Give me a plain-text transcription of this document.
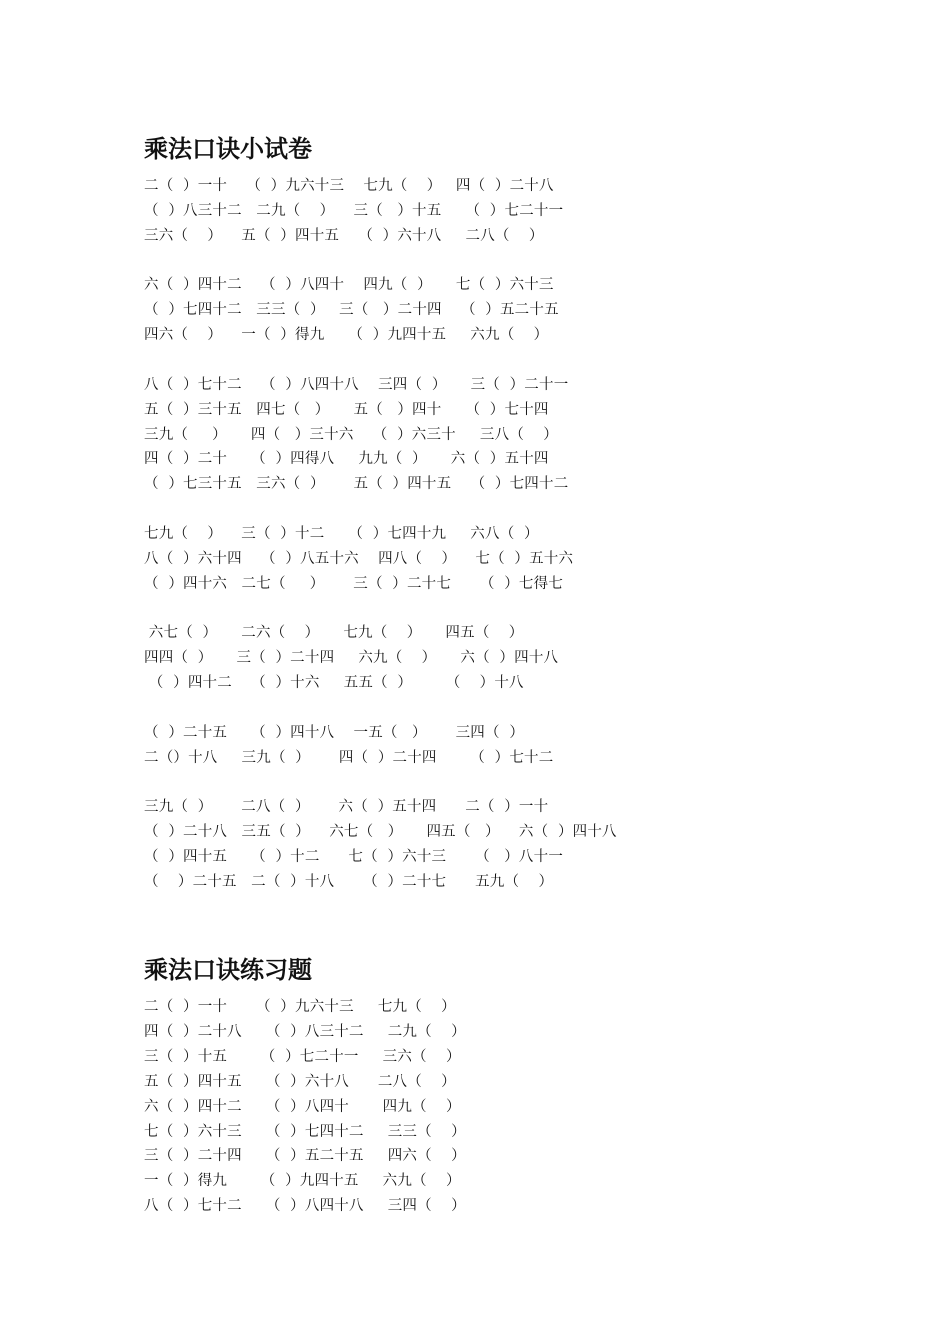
乘法口诀小试卷
二（  ）一十    （  ）九六十三    七九（    ）   四（  ）二十八
（  ）八三十二   二九（    ）    三（   ）十五     （  ）七二十一
三六（    ）    五（  ）四十五    （  ）六十八     二八（    ）
六（  ）四十二    （  ）八四十    四九（  ）     七（  ）六十三
（  ）七四十二   三三（  ）   三（   ）二十四    （  ）五二十五
四六（    ）    一（  ）得九     （  ）九四十五     六九（    ）
八（  ）七十二    （  ）八四十八    三四（  ）     三（  ）二十一
五（  ）三十五   四七（   ）     五（   ）四十     （  ）七十四
三九（     ）     四（   ）三十六    （  ）六三十     三八（    ）
四（  ）二十     （  ）四得八     九九（  ）     六（  ）五十四
（  ）七三十五   三六（  ）      五（  ）四十五    （  ）七四十二
七九（    ）    三（  ）十二     （  ）七四十九     六八（  ）
八（  ）六十四    （  ）八五十六    四八（    ）    七（  ）五十六
（  ）四十六   二七（     ）      三（  ）二十七      （  ）七得七
六七（  ）     二六（    ）     七九（    ）     四五（    ）
四四（  ）     三（  ）二十四     六九（    ）     六（  ）四十八
（  ）四十二    （  ）十六     五五（  ）       （    ）十八
（  ）二十五     （  ）四十八    一五（   ）      三四（  ）
二（）十八     三九（  ）      四（  ）二十四       （  ）七十二
三九（  ）      二八（  ）      六（  ）五十四      二（  ）一十
（  ）二十八   三五（  ）    六七（   ）     四五（   ）    六（  ）四十八
（  ）四十五     （  ）十二      七（  ）六十三      （   ）八十一
（    ）二十五   二（  ）十八      （  ）二十七      五九（    ）
乘法口诀练习题
二（  ）一十      （  ）九六十三     七九（    ）
四（  ）二十八     （  ）八三十二     二九（    ）
三（  ）十五       （  ）七二十一     三六（    ）
五（  ）四十五     （  ）六十八      二八（    ）
六（  ）四十二     （  ）八四十       四九（    ）
七（  ）六十三     （  ）七四十二     三三（    ）
三（  ）二十四     （  ）五二十五     四六（    ）
一（  ）得九       （  ）九四十五     六九（    ）
八（  ）七十二     （  ）八四十八     三四（    ）
